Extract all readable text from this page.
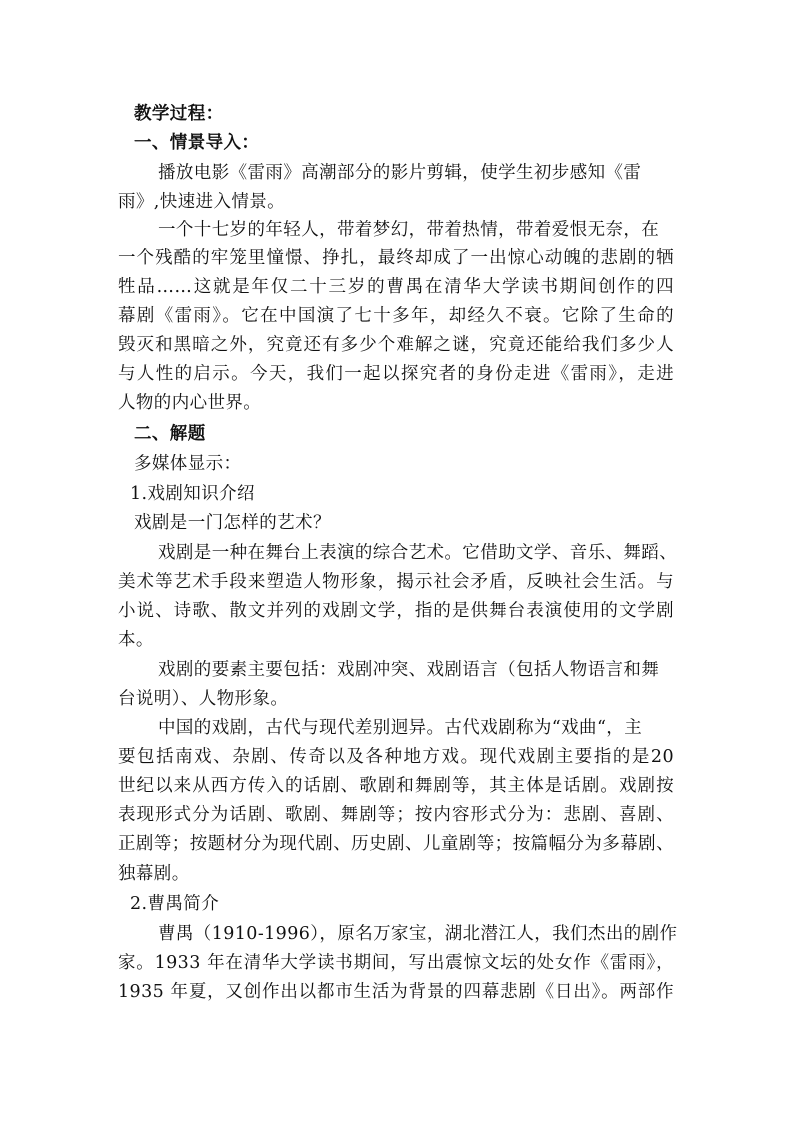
教学过程：
一、情景导入：
播放电影《雷雨》高潮部分的影片剪辑，使学生初步感知《雷
雨》,快速进入情景。
一个十七岁的年轻人，带着梦幻，带着热情，带着爱恨无奈，在
一个残酷的牢笼里憧憬、挣扎，最终却成了一出惊心动魄的悲剧的牺
牲品……这就是年仅二十三岁的曹禺在清华大学读书期间创作的四
幕剧《雷雨》。它在中国演了七十多年，却经久不衰。它除了生命的
毁灭和黑暗之外，究竟还有多少个难解之谜，究竟还能给我们多少人
与人性的启示。今天，我们一起以探究者的身份走进《雷雨》，走进
人物的内心世界。
二、解题
多媒体显示：
1.戏剧知识介绍
戏剧是一门怎样的艺术？
戏剧是一种在舞台上表演的综合艺术。它借助文学、音乐、舞蹈、
美术等艺术手段来塑造人物形象，揭示社会矛盾，反映社会生活。与
小说、诗歌、散文并列的戏剧文学，指的是供舞台表演使用的文学剧
本。
戏剧的要素主要包括：戏剧冲突、戏剧语言（包括人物语言和舞
台说明）、人物形象。
中国的戏剧，古代与现代差别迥异。古代戏剧称为“戏曲“，主
要包括南戏、杂剧、传奇以及各种地方戏。现代戏剧主要指的是20
世纪以来从西方传入的话剧、歌剧和舞剧等，其主体是话剧。戏剧按
表现形式分为话剧、歌剧、舞剧等；按内容形式分为：悲剧、喜剧、
正剧等；按题材分为现代剧、历史剧、儿童剧等；按篇幅分为多幕剧、
独幕剧。
2.曹禺简介
曹禺（1910-1996），原名万家宝，湖北潜江人，我们杰出的剧作
家。1933 年在清华大学读书期间，写出震惊文坛的处女作《雷雨》，
1935 年夏，又创作出以都市生活为背景的四幕悲剧《日出》。两部作
